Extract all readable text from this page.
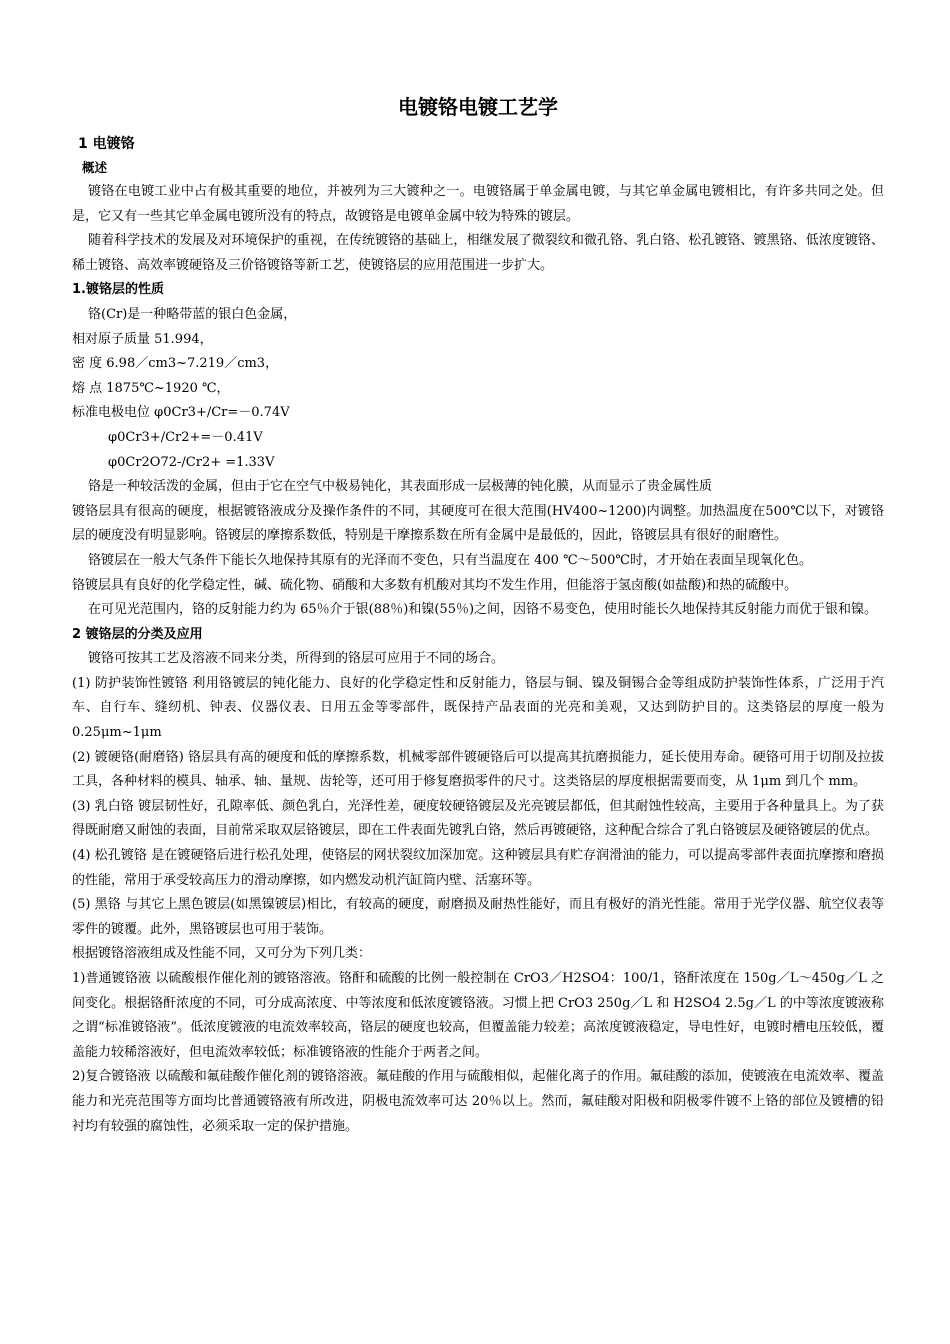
电镀铬电镀工艺学
1 电镀铬
概述

镀铬在电镀工业中占有极其重要的地位，并被列为三大镀种之一。电镀铬属于单金属电镀，与其它单金属电镀相比，有许多共同之处。但是，它又有一些其它单金属电镀所没有的特点，故镀铬是电镀单金属中较为特殊的镀层。

随着科学技术的发展及对环境保护的重视，在传统镀铬的基础上，相继发展了微裂纹和微孔铬、乳白铬、松孔镀铬、镀黑铬、低浓度镀铬、稀土镀铬、高效率镀硬铬及三价铬镀铬等新工艺，使镀铬层的应用范围进一步扩大。

1.镀铬层的性质

铬(Cr)是一种略带蓝的银白色金属，

相对原子质量 51.994，

密 度 6.98／cm3~7.219／cm3，

熔 点 1875℃~1920 ℃，

标准电极电位 φ0Cr3+/Cr=－0.74V

φ0Cr3+/Cr2+=－0.41V

φ0Cr2O72-/Cr2+ =1.33V

铬是一种较活泼的金属，但由于它在空气中极易钝化，其表面形成一层极薄的钝化膜，从而显示了贵金属性质

镀铬层具有很高的硬度，根据镀铬液成分及操作条件的不同，其硬度可在很大范围(HV400~1200)内调整。加热温度在500℃以下，对镀铬层的硬度没有明显影响。铬镀层的摩擦系数低，特别是干摩擦系数在所有金属中是最低的，因此，铬镀层具有很好的耐磨性。

铬镀层在一般大气条件下能长久地保持其原有的光泽而不变色，只有当温度在 400 ℃～500℃时，才开始在表面呈现氧化色。

铬镀层具有良好的化学稳定性，碱、硫化物、硝酸和大多数有机酸对其均不发生作用，但能溶于氢卤酸(如盐酸)和热的硫酸中。

在可见光范围内，铬的反射能力约为 65％介于银(88％)和镍(55％)之间，因铬不易变色，使用时能长久地保持其反射能力而优于银和镍。

2 镀铬层的分类及应用

镀铬可按其工艺及溶液不同来分类，所得到的铬层可应用于不同的场合。

(1) 防护装饰性镀铬 利用铬镀层的钝化能力、良好的化学稳定性和反射能力，铬层与铜、镍及铜锡合金等组成防护装饰性体系，广泛用于汽车、自行车、缝纫机、钟表、仪器仪表、日用五金等零部件，既保持产品表面的光亮和美观，又达到防护目的。这类铬层的厚度一般为 0.25μm~1μm

(2) 镀硬铬(耐磨铬) 铬层具有高的硬度和低的摩擦系数，机械零部件镀硬铬后可以提高其抗磨损能力，延长使用寿命。硬铬可用于切削及拉拔工具，各种材料的模具、轴承、轴、量规、齿轮等，还可用于修复磨损零件的尺寸。这类铬层的厚度根据需要而变，从 1μm 到几个 mm。

(3) 乳白铬 镀层韧性好，孔隙率低、颜色乳白，光泽性差，硬度较硬铬镀层及光亮镀层都低，但其耐蚀性较高，主要用于各种量具上。为了获得既耐磨又耐蚀的表面，目前常采取双层铬镀层，即在工件表面先镀乳白铬，然后再镀硬铬，这种配合综合了乳白铬镀层及硬铬镀层的优点。

(4) 松孔镀铬 是在镀硬铬后进行松孔处理，使铬层的网状裂纹加深加宽。这种镀层具有贮存润滑油的能力，可以提高零部件表面抗摩擦和磨损的性能，常用于承受较高压力的滑动摩擦，如内燃发动机汽缸筒内壁、活塞环等。

(5) 黑铬 与其它上黑色镀层(如黑镍镀层)相比，有较高的硬度，耐磨损及耐热性能好，而且有极好的消光性能。常用于光学仪器、航空仪表等零件的镀覆。此外，黑铬镀层也可用于装饰。

根据镀铬溶液组成及性能不同，又可分为下列几类：

1)普通镀铬液 以硫酸根作催化剂的镀铬溶液。铬酐和硫酸的比例一般控制在 CrO3／H2SO4：100/1，铬酐浓度在 150g／L～450g／L 之间变化。根据铬酐浓度的不同，可分成高浓度、中等浓度和低浓度镀铬液。习惯上把 CrO3 250g／L 和 H2SO4 2.5g／L 的中等浓度镀液称之谓“标准镀铬液”。低浓度镀液的电流效率较高，铬层的硬度也较高，但覆盖能力较差；高浓度镀液稳定，导电性好，电镀时槽电压较低，覆盖能力较稀溶液好，但电流效率较低；标准镀铬液的性能介于两者之间。

2)复合镀铬液 以硫酸和氟硅酸作催化剂的镀铬溶液。氟硅酸的作用与硫酸相似，起催化离子的作用。氟硅酸的添加，使镀液在电流效率、覆盖能力和光亮范围等方面均比普通镀铬液有所改进，阴极电流效率可达 20％以上。然而，氟硅酸对阳极和阴极零件镀不上铬的部位及镀槽的铅衬均有较强的腐蚀性，必须采取一定的保护措施。
